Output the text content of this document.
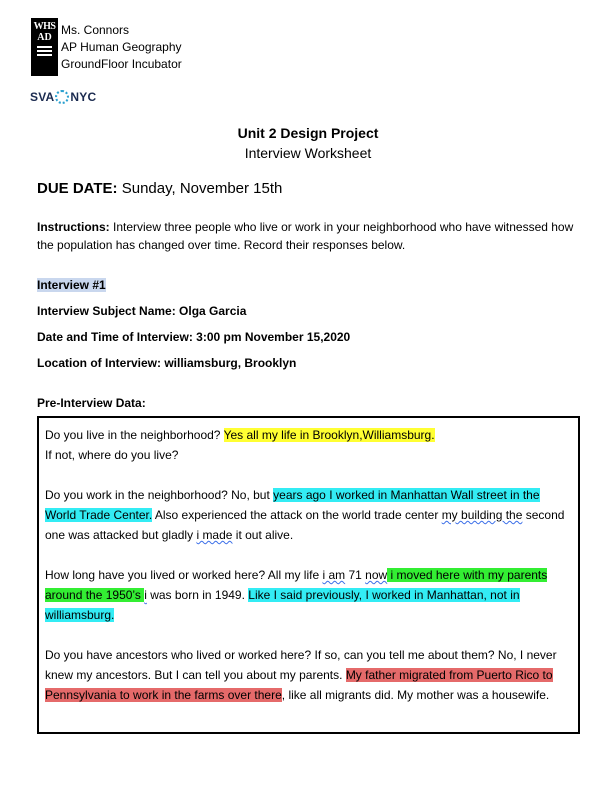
WHS
AD
Ms. Connors
AP Human Geography
GroundFloor Incubator
SVA NYC
Unit 2 Design Project
Interview Worksheet
DUE DATE: Sunday, November 15th
Instructions: Interview three people who live or work in your neighborhood who have witnessed how the population has changed over time. Record their responses below.
Interview #1
Interview Subject Name: Olga Garcia
Date and Time of Interview: 3:00 pm November 15,2020
Location of Interview: williamsburg, Brooklyn
Pre-Interview Data:

Do you live in the neighborhood? Yes all my life in Brooklyn,Williamsburg.
If not, where do you live?

Do you work in the neighborhood? No, but years ago I worked in Manhattan Wall street in the World Trade Center. Also experienced the attack on the world trade center my building the second one was attacked but gladly i made it out alive.

How long have you lived or worked here? All my life i am 71 now i moved here with my parents around the 1950’s i was born in 1949. Like I said previously, I worked in Manhattan, not in williamsburg.

Do you have ancestors who lived or worked here? If so, can you tell me about them? No, I never knew my ancestors. But I can tell you about my parents. My father migrated from Puerto Rico to Pennsylvania to work in the farms over there, like all migrants did. My mother was a housewife.
